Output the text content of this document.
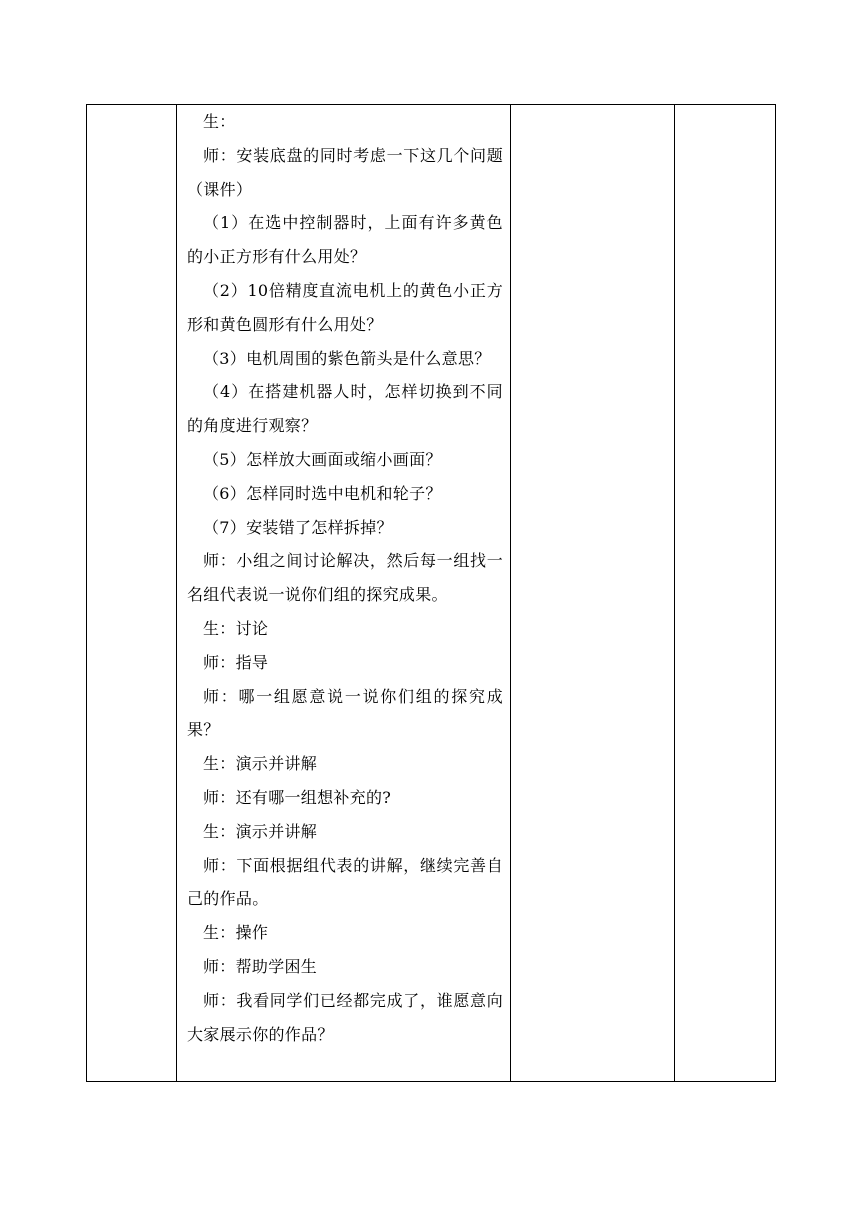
生：

师：安装底盘的同时考虑一下这几个问题（课件）

（1）在选中控制器时，上面有许多黄色的小正方形有什么用处？

（2）10倍精度直流电机上的黄色小正方形和黄色圆形有什么用处？

（3）电机周围的紫色箭头是什么意思？

（4）在搭建机器人时，怎样切换到不同的角度进行观察？

（5）怎样放大画面或缩小画面？

（6）怎样同时选中电机和轮子？

（7）安装错了怎样拆掉？

师：小组之间讨论解决，然后每一组找一名组代表说一说你们组的探究成果。

生：讨论

师：指导

师：哪一组愿意说一说你们组的探究成果？

生：演示并讲解

师：还有哪一组想补充的?

生：演示并讲解

师：下面根据组代表的讲解，继续完善自己的作品。

生：操作

师：帮助学困生

师：我看同学们已经都完成了，谁愿意向大家展示你的作品？
